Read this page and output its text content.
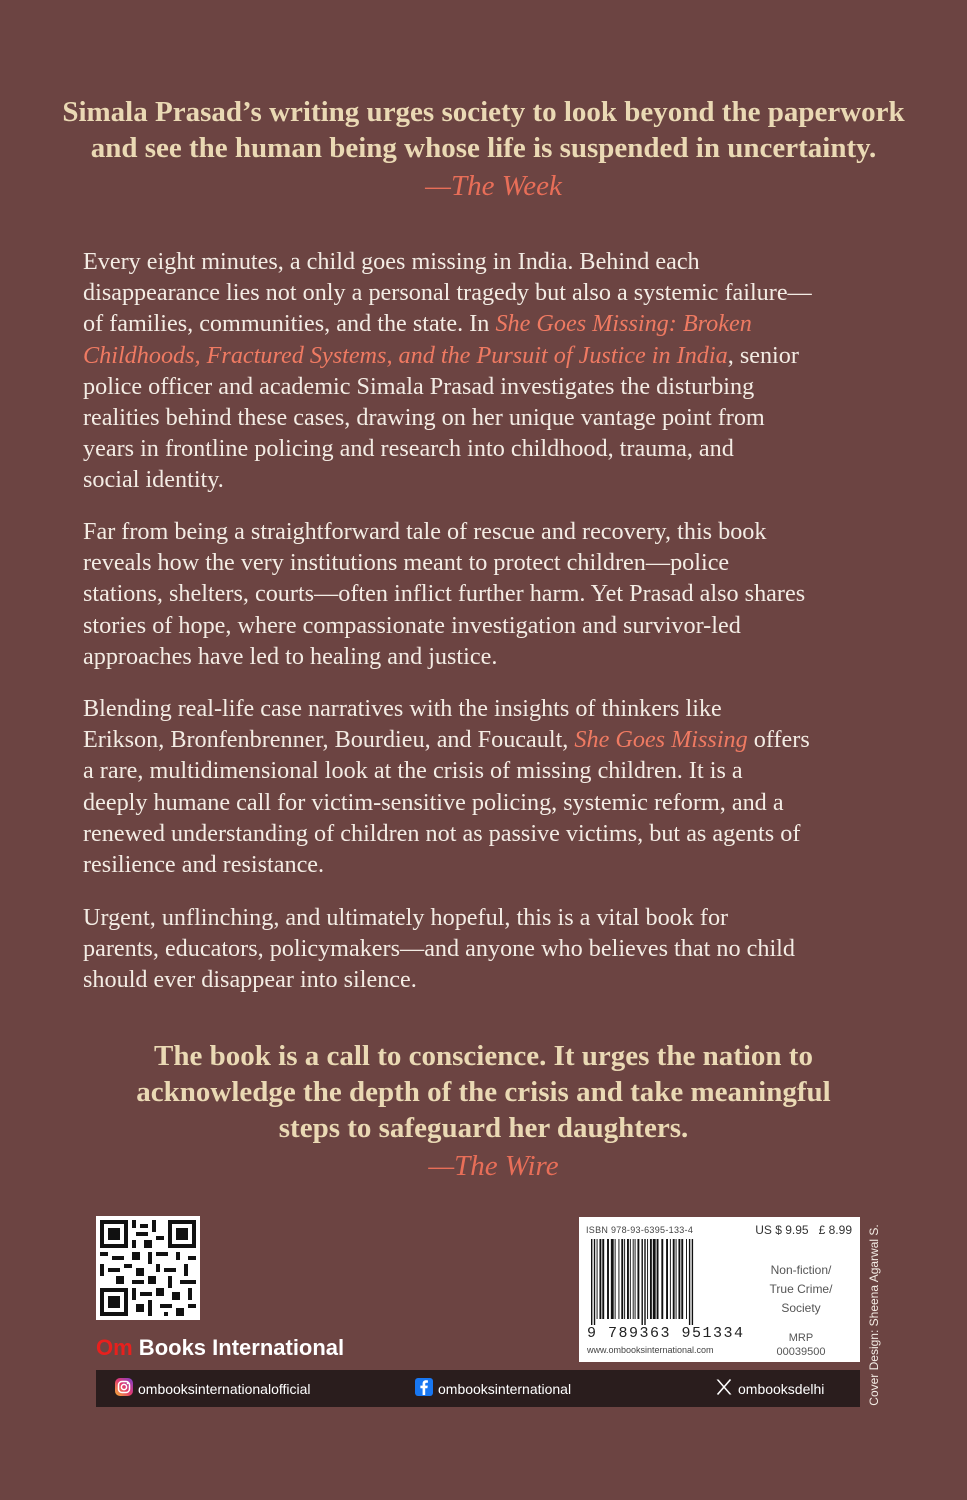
Simala Prasad’s writing urges society to look beyond the paperwork
and see the human being whose life is suspended in uncertainty.
—The Week

Every eight minutes, a child goes missing in India. Behind each
disappearance lies not only a personal tragedy but also a systemic failure—
of families, communities, and the state. In She Goes Missing: Broken
Childhoods, Fractured Systems, and the Pursuit of Justice in India, senior
police officer and academic Simala Prasad investigates the disturbing
realities behind these cases, drawing on her unique vantage point from
years in frontline policing and research into childhood, trauma, and
social identity.

Far from being a straightforward tale of rescue and recovery, this book
reveals how the very institutions meant to protect children—police
stations, shelters, courts—often inflict further harm. Yet Prasad also shares
stories of hope, where compassionate investigation and survivor-led
approaches have led to healing and justice.

Blending real-life case narratives with the insights of thinkers like
Erikson, Bronfenbrenner, Bourdieu, and Foucault, She Goes Missing offers
a rare, multidimensional look at the crisis of missing children. It is a
deeply humane call for victim-sensitive policing, systemic reform, and a
renewed understanding of children not as passive victims, but as agents of
resilience and resistance.

Urgent, unflinching, and ultimately hopeful, this is a vital book for
parents, educators, policymakers—and anyone who believes that no child
should ever disappear into silence.

The book is a call to conscience. It urges the nation to
acknowledge the depth of the crisis and take meaningful
steps to safeguard her daughters.
—The Wire
Om Books International
ISBN 978-93-6395-133-4
9 789363 951334
www.ombooksinternational.com
US $ 9.95 £ 8.99
Non-fiction/
True Crime/
Society
MRP
00039500	Cover Design: Sheena Agarwal S.
ombooksinternationalofficial	ombooksinternational	ombooksdelhi
